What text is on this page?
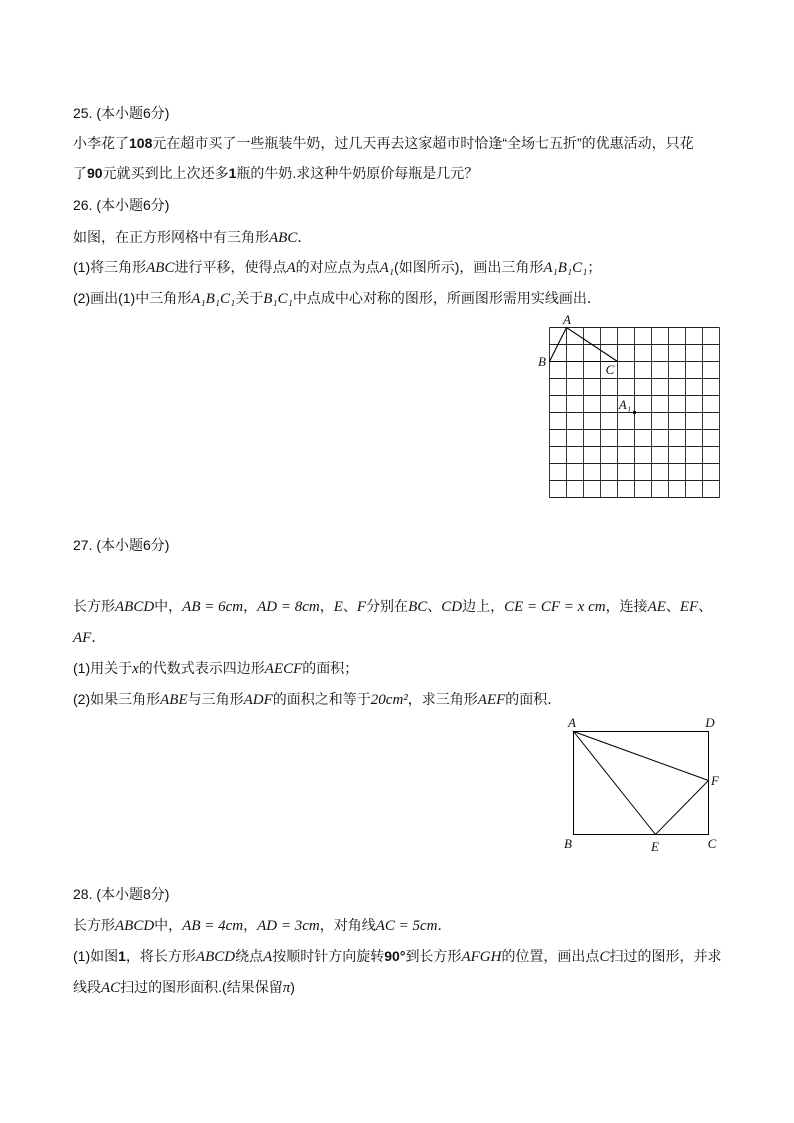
25. (本小题6分)
小李花了108元在超市买了一些瓶装牛奶，过几天再去这家超市时恰逢“全场七五折”的优惠活动，只花
了90元就买到比上次还多1瓶的牛奶.求这种牛奶原价每瓶是几元？
26. (本小题6分)
如图，在正方形网格中有三角形ABC．
(1)将三角形ABC进行平移，使得点A的对应点为点A₁(如图所示)，画出三角形A₁B₁C₁；
(2)画出(1)中三角形A₁B₁C₁关于B₁C₁中点成中心对称的图形，所画图形需用实线画出．
A
B
C
A₁
27. (本小题6分)
长方形ABCD中，AB = 6cm，AD = 8cm，E、F分别在BC、CD边上，CE = CF = x cm，连接AE、EF、
AF．
(1)用关于x的代数式表示四边形AECF的面积；
(2)如果三角形ABE与三角形ADF的面积之和等于20cm²，求三角形AEF的面积．
A	D
F
B	E	C
28. (本小题8分)
长方形ABCD中，AB = 4cm，AD = 3cm，对角线AC = 5cm．
(1)如图1，将长方形ABCD绕点A按顺时针方向旋转90°到长方形AFGH的位置，画出点C扫过的图形，并求
线段AC扫过的图形面积.(结果保留π)
